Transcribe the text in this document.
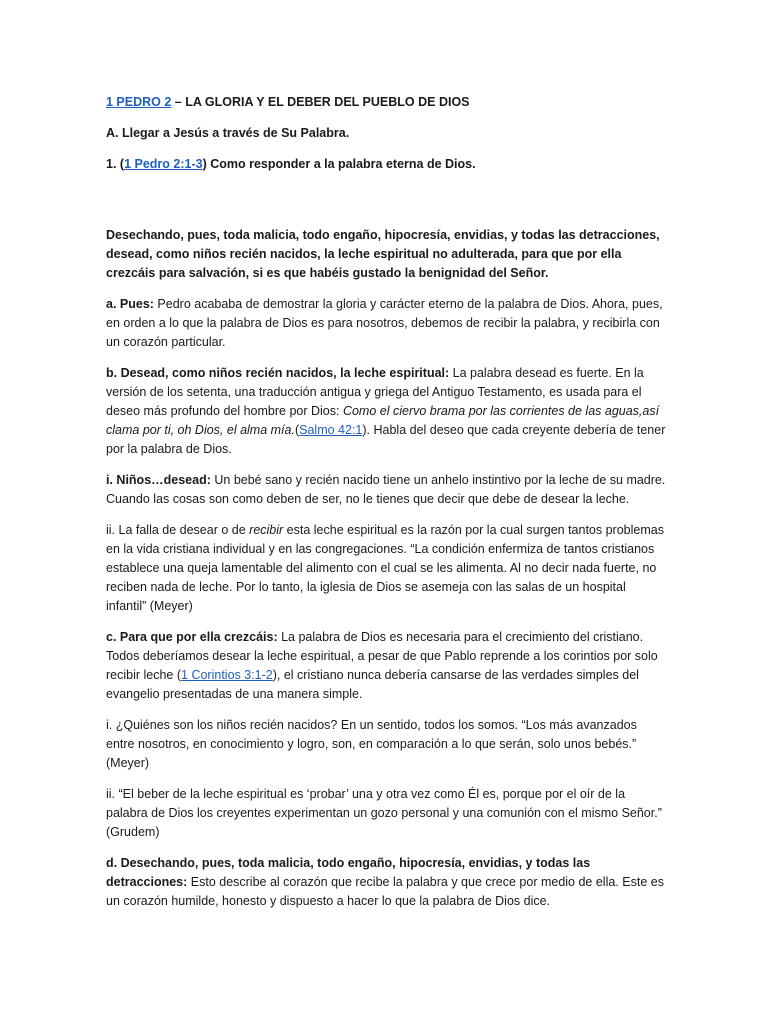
1 PEDRO 2 – LA GLORIA Y EL DEBER DEL PUEBLO DE DIOS

A. Llegar a Jesús a través de Su Palabra.

1. (1 Pedro 2:1-3) Como responder a la palabra eterna de Dios.

Desechando, pues, toda malicia, todo engaño, hipocresía, envidias, y todas las detracciones, desead, como niños recién nacidos, la leche espiritual no adulterada, para que por ella crezcáis para salvación, si es que habéis gustado la benignidad del Señor.

a. Pues: Pedro acababa de demostrar la gloria y carácter eterno de la palabra de Dios. Ahora, pues, en orden a lo que la palabra de Dios es para nosotros, debemos de recibir la palabra, y recibirla con un corazón particular.

b. Desead, como niños recién nacidos, la leche espiritual: La palabra desead es fuerte. En la versión de los setenta, una traducción antigua y griega del Antiguo Testamento, es usada para el deseo más profundo del hombre por Dios: Como el ciervo brama por las corrientes de las aguas,así clama por ti, oh Dios, el alma mía.(Salmo 42:1). Habla del deseo que cada creyente debería de tener por la palabra de Dios.

i. Niños…desead: Un bebé sano y recién nacido tiene un anhelo instintivo por la leche de su madre. Cuando las cosas son como deben de ser, no le tienes que decir que debe de desear la leche.

ii. La falla de desear o de recibir esta leche espiritual es la razón por la cual surgen tantos problemas en la vida cristiana individual y en las congregaciones. “La condición enfermiza de tantos cristianos establece una queja lamentable del alimento con el cual se les alimenta. Al no decir nada fuerte, no reciben nada de leche. Por lo tanto, la iglesia de Dios se asemeja con las salas de un hospital infantil” (Meyer)

c. Para que por ella crezcáis: La palabra de Dios es necesaria para el crecimiento del cristiano. Todos deberíamos desear la leche espiritual, a pesar de que Pablo reprende a los corintios por solo recibir leche (1 Corintios 3:1-2), el cristiano nunca debería cansarse de las verdades simples del evangelio presentadas de una manera simple.

i. ¿Quiénes son los niños recién nacidos? En un sentido, todos los somos. “Los más avanzados entre nosotros, en conocimiento y logro, son, en comparación a lo que serán, solo unos bebés.” (Meyer)

ii. “El beber de la leche espiritual es ‘probar’ una y otra vez como Él es, porque por el oír de la palabra de Dios los creyentes experimentan un gozo personal y una comunión con el mismo Señor.” (Grudem)

d. Desechando, pues, toda malicia, todo engaño, hipocresía, envidias, y todas las detracciones: Esto describe al corazón que recibe la palabra y que crece por medio de ella. Este es un corazón humilde, honesto y dispuesto a hacer lo que la palabra de Dios dice.
